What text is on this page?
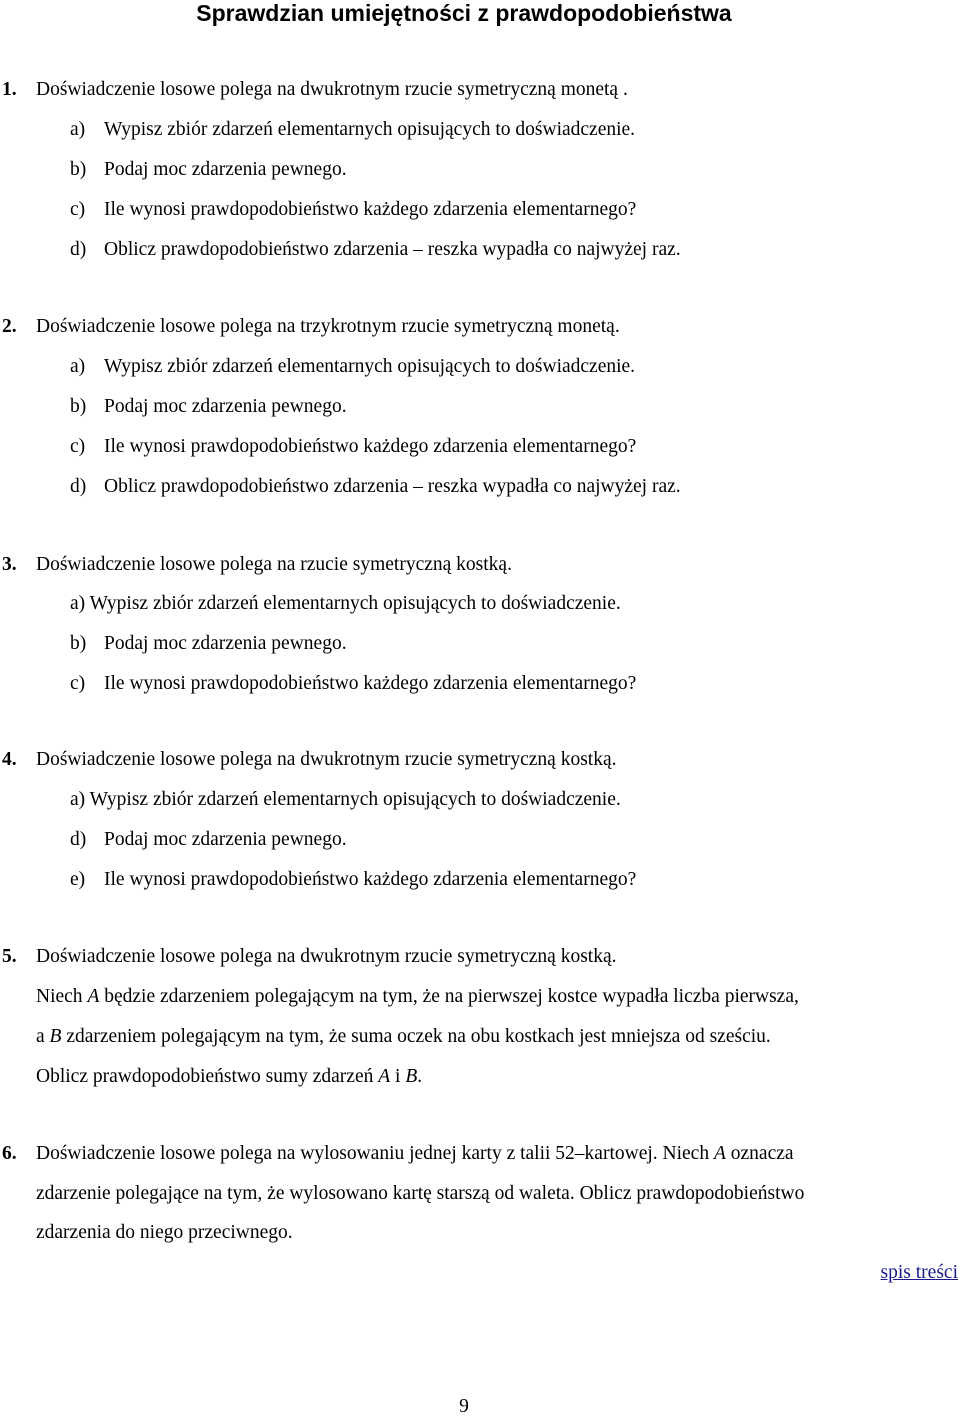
Sprawdzian umiejętności z prawdopodobieństwa
1. Doświadczenie losowe polega na dwukrotnym rzucie symetryczną monetą .
a) Wypisz zbiór zdarzeń elementarnych opisujących to doświadczenie.
b) Podaj moc zdarzenia pewnego.
c) Ile wynosi prawdopodobieństwo każdego zdarzenia elementarnego?
d) Oblicz prawdopodobieństwo zdarzenia – reszka wypadła co najwyżej raz.
2. Doświadczenie losowe polega na trzykrotnym rzucie symetryczną monetą.
a) Wypisz zbiór zdarzeń elementarnych opisujących to doświadczenie.
b) Podaj moc zdarzenia pewnego.
c) Ile wynosi prawdopodobieństwo każdego zdarzenia elementarnego?
d) Oblicz prawdopodobieństwo zdarzenia – reszka wypadła co najwyżej raz.
3. Doświadczenie losowe polega na rzucie symetryczną kostką.
a) Wypisz zbiór zdarzeń elementarnych opisujących to doświadczenie.
b) Podaj moc zdarzenia pewnego.
c) Ile wynosi prawdopodobieństwo każdego zdarzenia elementarnego?
4. Doświadczenie losowe polega na dwukrotnym rzucie symetryczną kostką.
a) Wypisz zbiór zdarzeń elementarnych opisujących to doświadczenie.
d) Podaj moc zdarzenia pewnego.
e) Ile wynosi prawdopodobieństwo każdego zdarzenia elementarnego?
5. Doświadczenie losowe polega na dwukrotnym rzucie symetryczną kostką.
Niech A będzie zdarzeniem polegającym na tym, że na pierwszej kostce wypadła liczba pierwsza,
a B zdarzeniem polegającym na tym, że suma oczek na obu kostkach jest mniejsza od sześciu.
Oblicz prawdopodobieństwo sumy zdarzeń A i B.
6. Doświadczenie losowe polega na wylosowaniu jednej karty z talii 52–kartowej. Niech A oznacza
zdarzenie polegające na tym, że wylosowano kartę starszą od waleta. Oblicz prawdopodobieństwo
zdarzenia do niego przeciwnego.
spis treści
9
